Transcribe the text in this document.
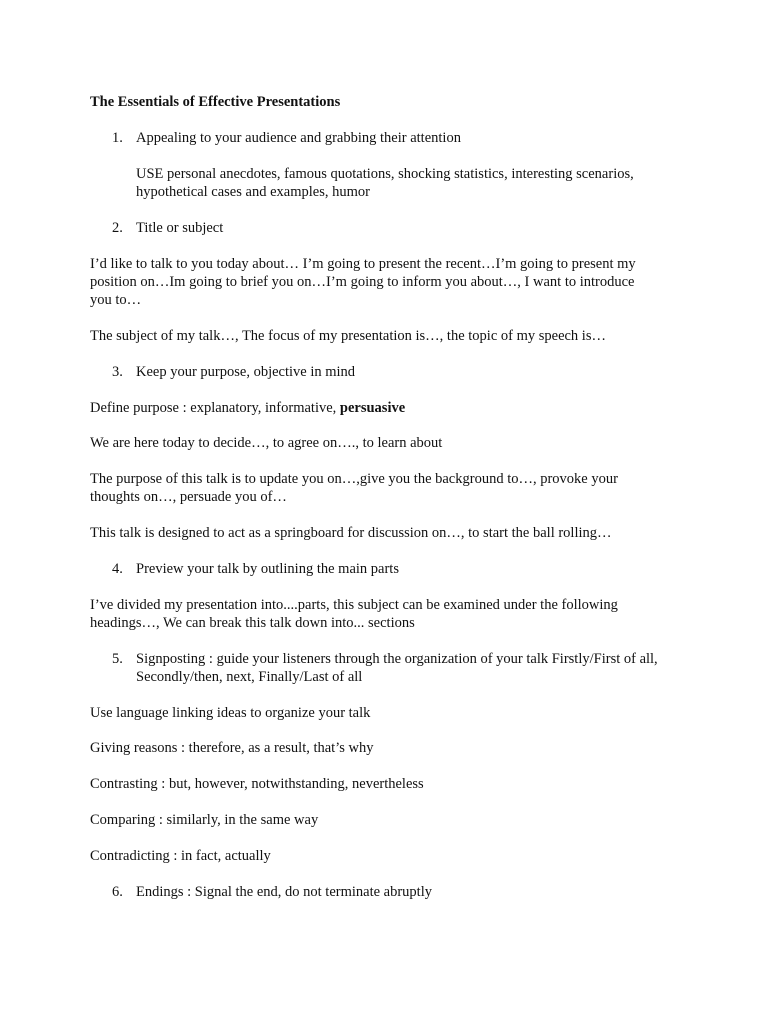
The Essentials of Effective Presentations
1. Appealing to your audience and grabbing their attention
USE personal anecdotes, famous quotations, shocking statistics, interesting scenarios,
hypothetical cases and examples, humor
2. Title or subject
I’d like to talk to you today about… I’m going to present the recent…I’m going to present my
position on…Im going to brief you on…I’m going to inform you about…, I want to introduce
you to…
The subject of my talk…, The focus of my presentation is…, the topic of my speech is…
3. Keep your purpose, objective in mind
Define purpose : explanatory, informative, persuasive
We are here today to decide…, to agree on…., to learn about
The purpose of this talk is to update you on…,give you the background to…, provoke your
thoughts on…, persuade you of…
This talk is designed to act as a springboard for discussion on…, to start the ball rolling…
4. Preview your talk by outlining the main parts
I’ve divided my presentation into....parts, this subject can be examined under the following
headings…, We can break this talk down into... sections
5. Signposting : guide your listeners through the organization of your talk Firstly/First of all,
Secondly/then, next, Finally/Last of all
Use language linking ideas to organize your talk
Giving reasons : therefore, as a result, that’s why
Contrasting : but, however, notwithstanding, nevertheless
Comparing : similarly, in the same way
Contradicting : in fact, actually
6. Endings : Signal the end, do not terminate abruptly
